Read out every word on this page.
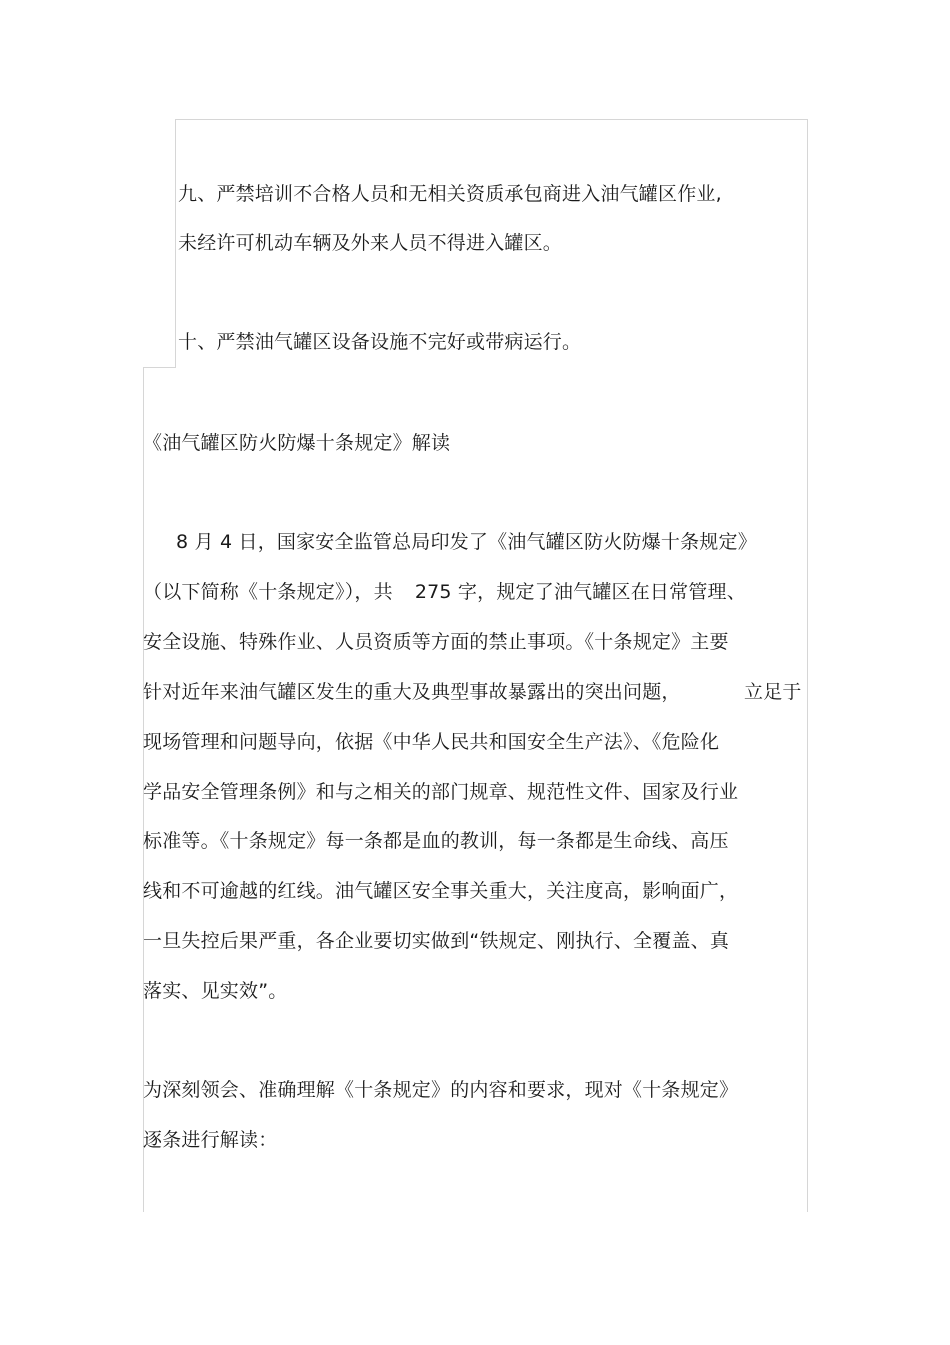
九、严禁培训不合格人员和无相关资质承包商进入油气罐区作业,
未经许可机动车辆及外来人员不得进入罐区。
十、严禁油气罐区设备设施不完好或带病运行。
《油气罐区防火防爆十条规定》解读
8 月 4 日，国家安全监管总局印发了《油气罐区防火防爆十条规定》
（以下简称《十条规定》），共 275 字，规定了油气罐区在日常管理、
安全设施、特殊作业、人员资质等方面的禁止事项。《十条规定》主要
针对近年来油气罐区发生的重大及典型事故暴露出的突出问题，	立足于
现场管理和问题导向，依据《中华人民共和国安全生产法》、《危险化
学品安全管理条例》和与之相关的部门规章、规范性文件、国家及行业
标准等。《十条规定》每一条都是血的教训，每一条都是生命线、高压
线和不可逾越的红线。油气罐区安全事关重大，关注度高，影响面广，
一旦失控后果严重，各企业要切实做到“铁规定、刚执行、全覆盖、真
落实、见实效”。
为深刻领会、准确理解《十条规定》的内容和要求，现对《十条规定》
逐条进行解读：
